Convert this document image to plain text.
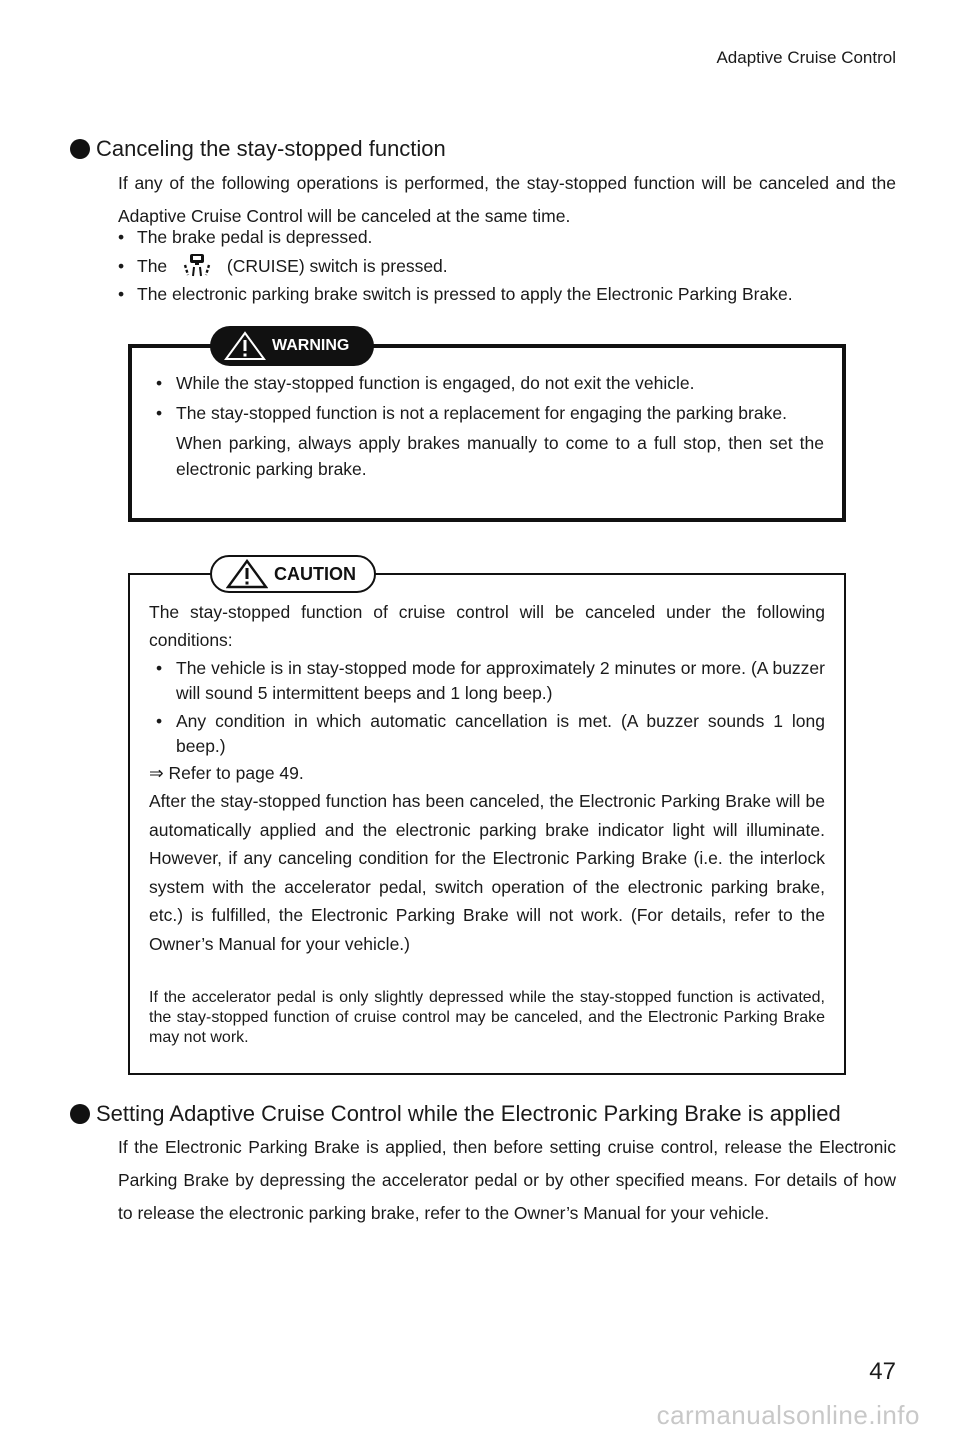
Adaptive Cruise Control
Canceling the stay-stopped function
If any of the following operations is performed, the stay-stopped function will be canceled and the Adaptive Cruise Control will be canceled at the same time.
• The brake pedal is depressed.
• The	(CRUISE) switch is pressed.
• The electronic parking brake switch is pressed to apply the Electronic Parking Brake.
WARNING
• While the stay-stopped function is engaged, do not exit the vehicle.
• The stay-stopped function is not a replacement for engaging the parking brake.
When parking, always apply brakes manually to come to a full stop, then set the electronic parking brake.
CAUTION
The stay-stopped function of cruise control will be canceled under the following conditions:
• The vehicle is in stay-stopped mode for approximately 2 minutes or more. (A buzzer will sound 5 intermittent beeps and 1 long beep.)
• Any condition in which automatic cancellation is met. (A buzzer sounds 1 long beep.)
⇒ Refer to page 49.
After the stay-stopped function has been canceled, the Electronic Parking Brake will be automatically applied and the electronic parking brake indicator light will illuminate. However, if any canceling condition for the Electronic Parking Brake (i.e. the interlock system with the accelerator pedal, switch operation of the electronic parking brake, etc.) is fulfilled, the Electronic Parking Brake will not work. (For details, refer to the Owner’s Manual for your vehicle.)
If the accelerator pedal is only slightly depressed while the stay-stopped function is activated, the stay-stopped function of cruise control may be canceled, and the Electronic Parking Brake may not work.
Setting Adaptive Cruise Control while the Electronic Parking Brake is applied
If the Electronic Parking Brake is applied, then before setting cruise control, release the Electronic Parking Brake by depressing the accelerator pedal or by other specified means. For details of how to release the electronic parking brake, refer to the Owner’s Manual for your vehicle.
47
carmanualsonline.info
